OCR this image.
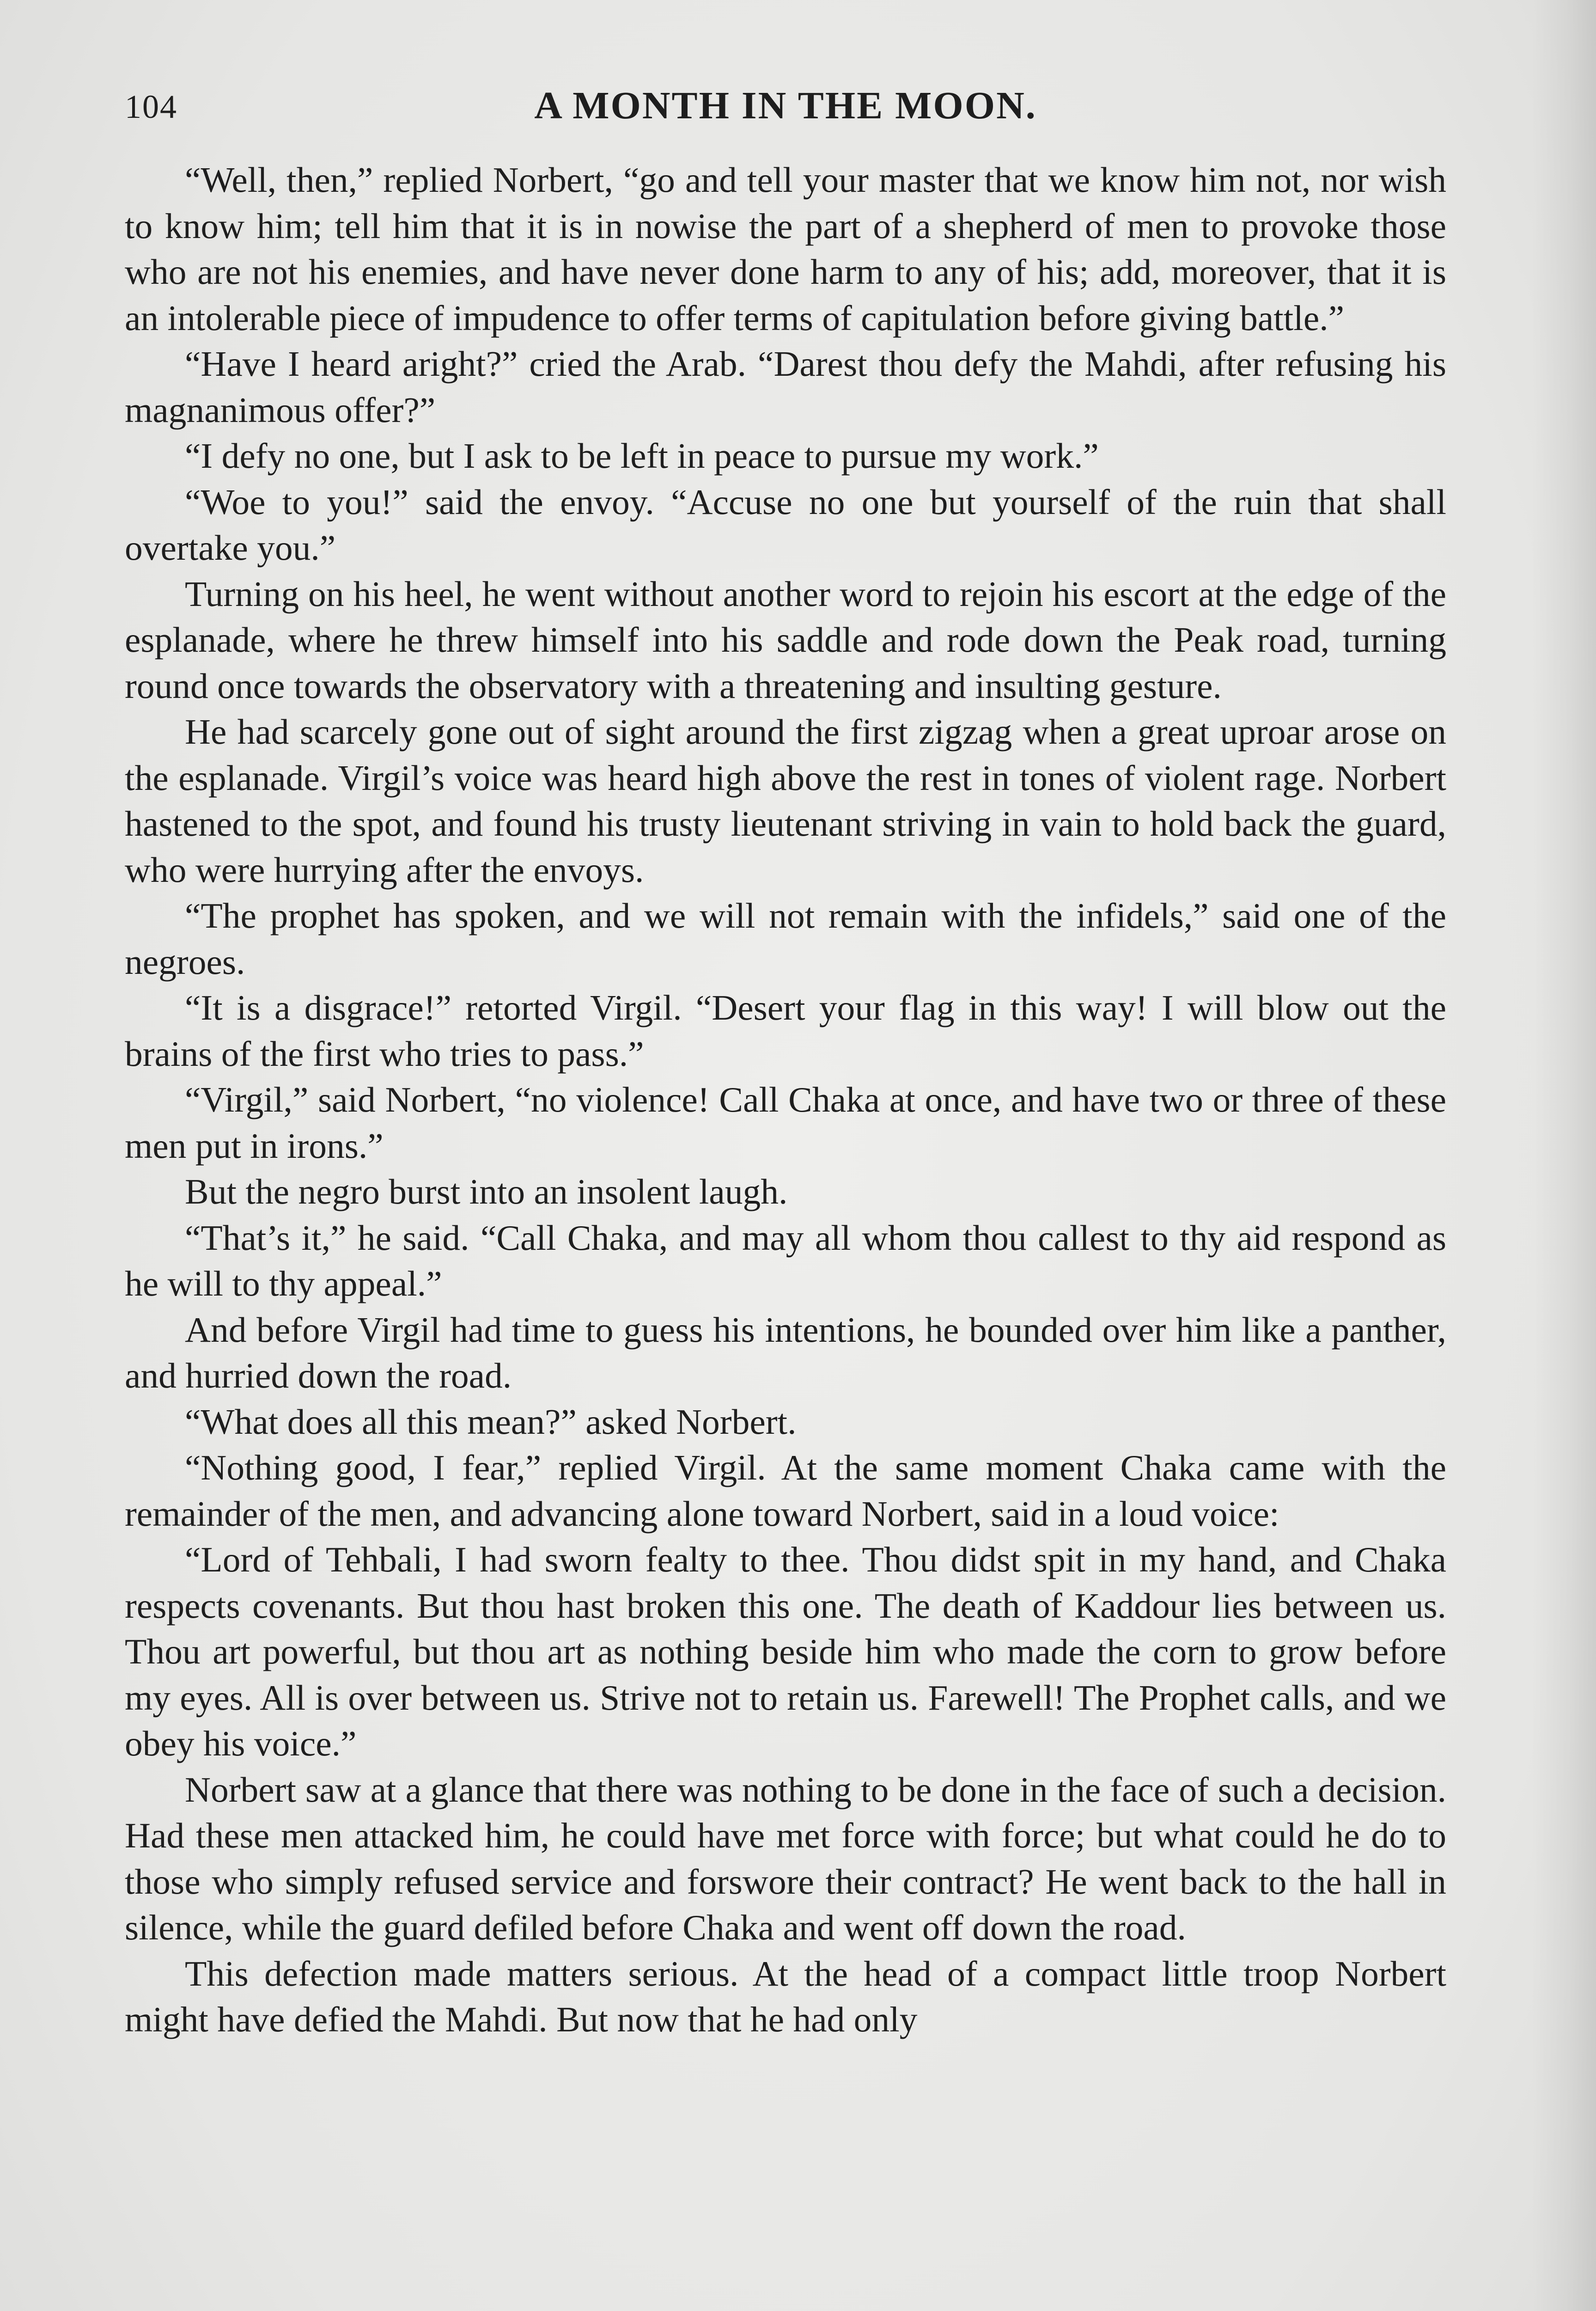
104	A MONTH IN THE MOON.

“Well, then,” replied Norbert, “go and tell your master that we know him not, nor wish to know him; tell him that it is in nowise the part of a shepherd of men to provoke those who are not his enemies, and have never done harm to any of his; add, moreover, that it is an intolerable piece of impudence to offer terms of capitulation before giving battle.”

“Have I heard aright?” cried the Arab. “Darest thou defy the Mahdi, after refusing his magnanimous offer?”

“I defy no one, but I ask to be left in peace to pursue my work.”

“Woe to you!” said the envoy. “Accuse no one but yourself of the ruin that shall overtake you.”

Turning on his heel, he went without another word to rejoin his escort at the edge of the esplanade, where he threw himself into his saddle and rode down the Peak road, turning round once towards the observatory with a threatening and insulting gesture.

He had scarcely gone out of sight around the first zigzag when a great uproar arose on the esplanade. Virgil’s voice was heard high above the rest in tones of violent rage. Norbert hastened to the spot, and found his trusty lieutenant striving in vain to hold back the guard, who were hurrying after the envoys.

“The prophet has spoken, and we will not remain with the infidels,” said one of the negroes.

“It is a disgrace!” retorted Virgil. “Desert your flag in this way! I will blow out the brains of the first who tries to pass.”

“Virgil,” said Norbert, “no violence! Call Chaka at once, and have two or three of these men put in irons.”

But the negro burst into an insolent laugh.

“That’s it,” he said. “Call Chaka, and may all whom thou callest to thy aid respond as he will to thy appeal.”

And before Virgil had time to guess his intentions, he bounded over him like a panther, and hurried down the road.

“What does all this mean?” asked Norbert.

“Nothing good, I fear,” replied Virgil. At the same moment Chaka came with the remainder of the men, and advancing alone toward Norbert, said in a loud voice:

“Lord of Tehbali, I had sworn fealty to thee. Thou didst spit in my hand, and Chaka respects covenants. But thou hast broken this one. The death of Kaddour lies between us. Thou art powerful, but thou art as nothing beside him who made the corn to grow before my eyes. All is over between us. Strive not to retain us. Farewell! The Prophet calls, and we obey his voice.”

Norbert saw at a glance that there was nothing to be done in the face of such a decision. Had these men attacked him, he could have met force with force; but what could he do to those who simply refused service and forswore their contract? He went back to the hall in silence, while the guard defiled before Chaka and went off down the road.

This defection made matters serious. At the head of a compact little troop Norbert might have defied the Mahdi. But now that he had only
